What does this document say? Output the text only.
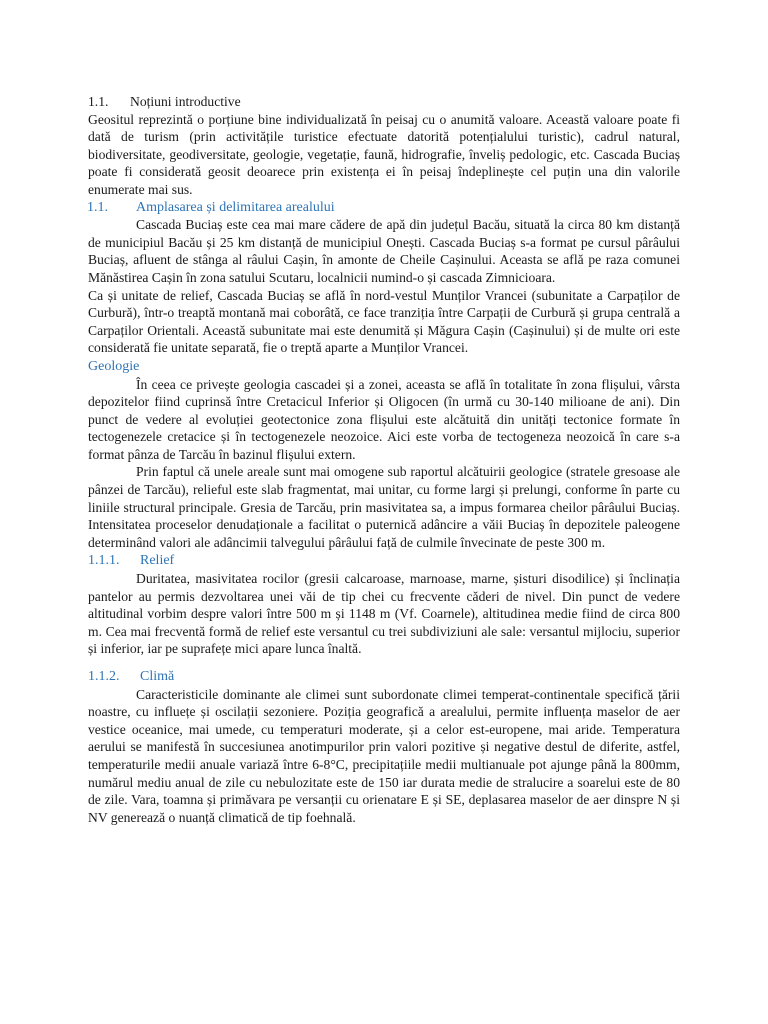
1.1.	Noțiuni introductive

Geositul reprezintă o porțiune bine individualizată în peisaj cu o anumită valoare. Această valoare poate fi dată de turism (prin activitățile turistice efectuate datorită potențialului turistic), cadrul natural, biodiversitate, geodiversitate, geologie, vegetație, faună, hidrografie, înveliș pedologic, etc. Cascada Buciaș poate fi considerată geosit deoarece prin existența ei în peisaj îndeplinește cel puțin una din valorile enumerate mai sus.

1.1.	Amplasarea și delimitarea arealului

Cascada Buciaș este cea mai mare cădere de apă din județul Bacău, situată la circa 80 km distanță de municipiul Bacău și 25 km distanță de municipiul Onești. Cascada Buciaș s-a format pe cursul pârâului Buciaș, afluent de stânga al râului Cașin, în amonte de Cheile Cașinului. Aceasta se află pe raza comunei Mănăstirea Cașin în zona satului Scutaru, localnicii numind-o și cascada Zimnicioara.

Ca și unitate de relief, Cascada Buciaș se află în nord-vestul Munților Vrancei (subunitate a Carpaților de Curbură), într-o treaptă montană mai coborâtă, ce face tranziția între Carpații de Curbură și grupa centrală a Carpaților Orientali. Această subunitate mai este denumită și Măgura Cașin (Cașinului) și de multe ori este considerată fie unitate separată, fie o treptă aparte a Munților Vrancei.

Geologie

În ceea ce privește geologia cascadei și a zonei, aceasta se află în totalitate în zona flișului, vârsta depozitelor fiind cuprinsă între Cretacicul Inferior și Oligocen (în urmă cu 30-140 milioane de ani). Din punct de vedere al evoluției geotectonice zona flișului este alcătuită din unități tectonice formate în tectogenezele cretacice și în tectogenezele neozoice. Aici este vorba de tectogeneza neozoică în care s-a format pânza de Tarcău în bazinul flișului extern.

Prin faptul că unele areale sunt mai omogene sub raportul alcătuirii geologice (stratele gresoase ale pânzei de Tarcău), relieful este slab fragmentat, mai unitar, cu forme largi și prelungi, conforme în parte cu liniile structural principale. Gresia de Tarcău, prin masivitatea sa, a impus formarea cheilor pârâului Buciaș. Intensitatea proceselor denudaționale a facilitat o puternică adâncire a văii Buciaș în depozitele paleogene determinând valori ale adâncimii talvegului pârâului față de culmile învecinate de peste 300 m.

1.1.1.	Relief

Duritatea, masivitatea rocilor (gresii calcaroase, marnoase, marne, șisturi disodilice) și înclinația pantelor au permis dezvoltarea unei văi de tip chei cu frecvente căderi de nivel. Din punct de vedere altitudinal vorbim despre valori între 500 m și 1148 m (Vf. Coarnele), altitudinea medie fiind de circa 800 m. Cea mai frecventă formă de relief este versantul cu trei subdiviziuni ale sale: versantul mijlociu, superior și inferior, iar pe suprafețe mici apare lunca înaltă.

1.1.2.	Climă

Caracteristicile dominante ale climei sunt subordonate climei temperat-continentale specifică țării noastre, cu influețe și oscilații sezoniere. Poziția geografică a arealului, permite influența maselor de aer vestice oceanice, mai umede, cu temperaturi moderate, și a celor est-europene, mai aride. Temperatura aerului se manifestă în succesiunea anotimpurilor prin valori pozitive și negative destul de diferite, astfel, temperaturile medii anuale variază între 6-8°C, precipitațiile medii multianuale pot ajunge până la 800mm, numărul mediu anual de zile cu nebulozitate este de 150 iar durata medie de stralucire a soarelui este de 80 de zile. Vara, toamna și primăvara pe versanții cu orienatare E și SE, deplasarea maselor de aer dinspre N și NV generează o nuanță climatică de tip foehnală.
